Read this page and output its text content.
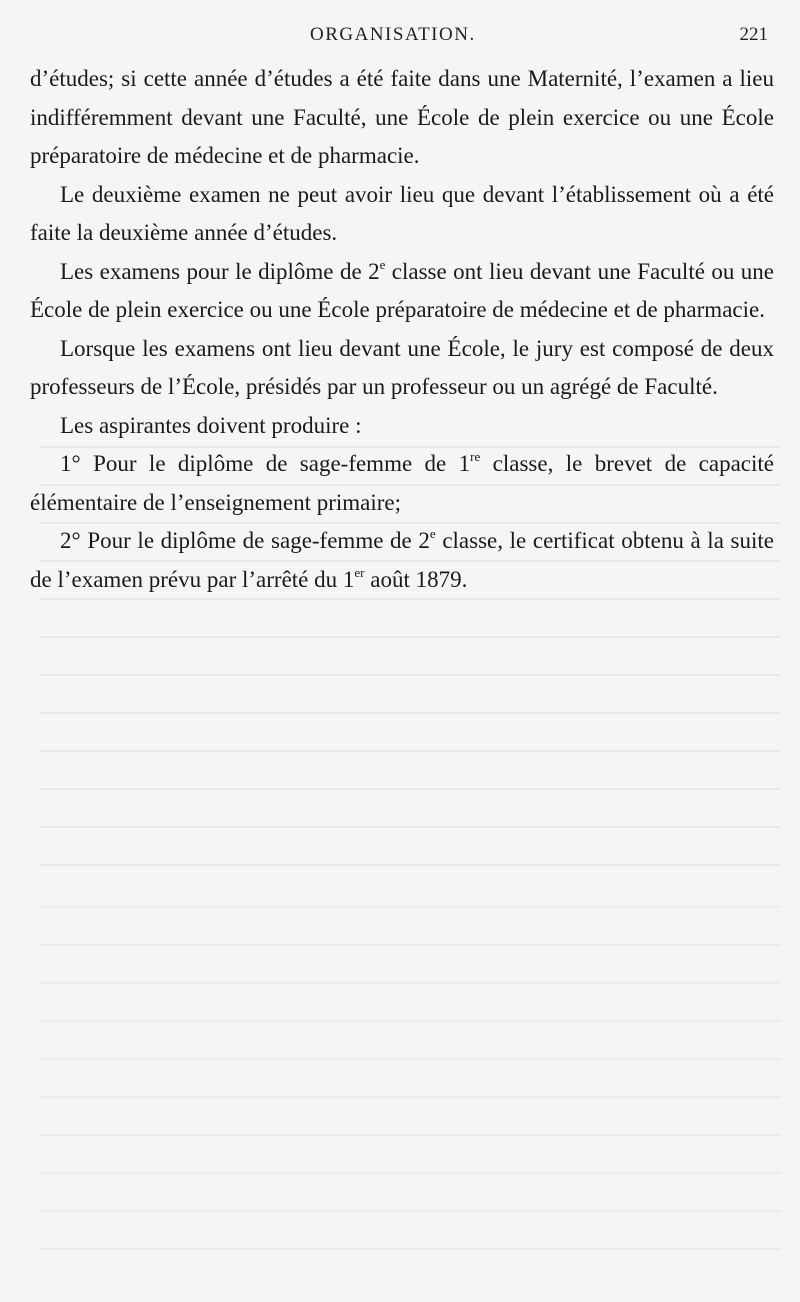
ORGANISATION.	221

d’études; si cette année d’études a été faite dans une Maternité, l’examen a lieu indifféremment devant une Faculté, une École de plein exercice ou une École préparatoire de médecine et de pharmacie.

Le deuxième examen ne peut avoir lieu que devant l’établissement où a été faite la deuxième année d’études.

Les examens pour le diplôme de 2e classe ont lieu devant une Faculté ou une École de plein exercice ou une École préparatoire de médecine et de pharmacie.

Lorsque les examens ont lieu devant une École, le jury est composé de deux professeurs de l’École, présidés par un professeur ou un agrégé de Faculté.

Les aspirantes doivent produire :

1° Pour le diplôme de sage-femme de 1re classe, le brevet de capacité élémentaire de l’enseignement primaire;

2° Pour le diplôme de sage-femme de 2e classe, le certificat obtenu à la suite de l’examen prévu par l’arrêté du 1er août 1879.
